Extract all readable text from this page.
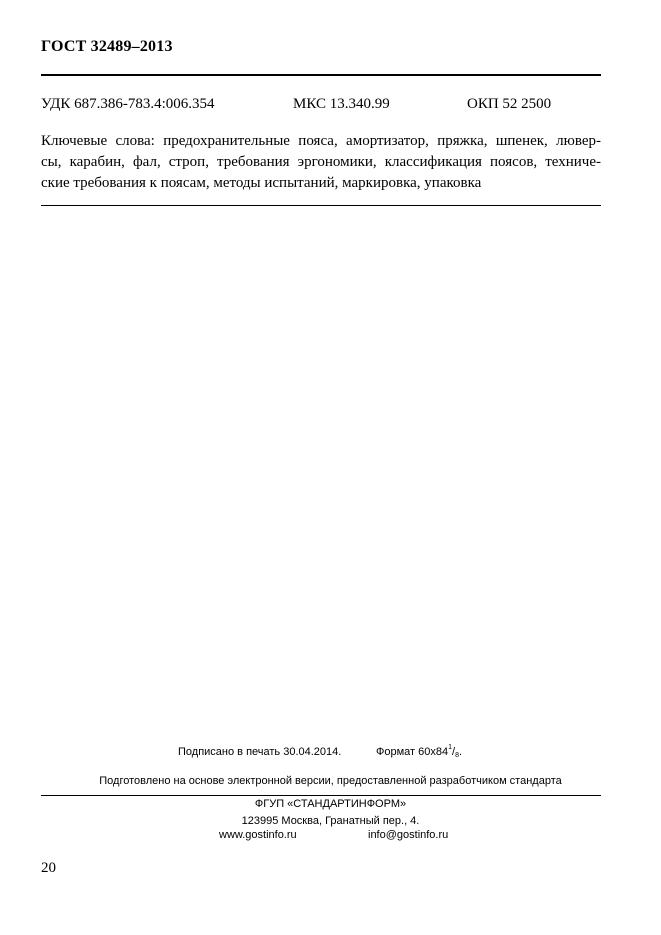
ГОСТ 32489–2013
УДК 687.386-783.4:006.354	МКС 13.340.99	ОКП 52 2500
Ключевые слова: предохранительные пояса, амортизатор, пряжка, шпенек, лювер-
сы, карабин, фал, строп, требования эргономики, классификация поясов, техниче-
ские требования к поясам, методы испытаний, маркировка, упаковка
Подписано в печать 30.04.2014.	Формат $60x84^1/_8$.
Подготовлено на основе электронной версии, предоставленной разработчиком стандарта
ФГУП «СТАНДАРТИНФОРМ»
123995 Москва, Гранатный пер., 4.
www.gostinfo.ru	info@gostinfo.ru
20
